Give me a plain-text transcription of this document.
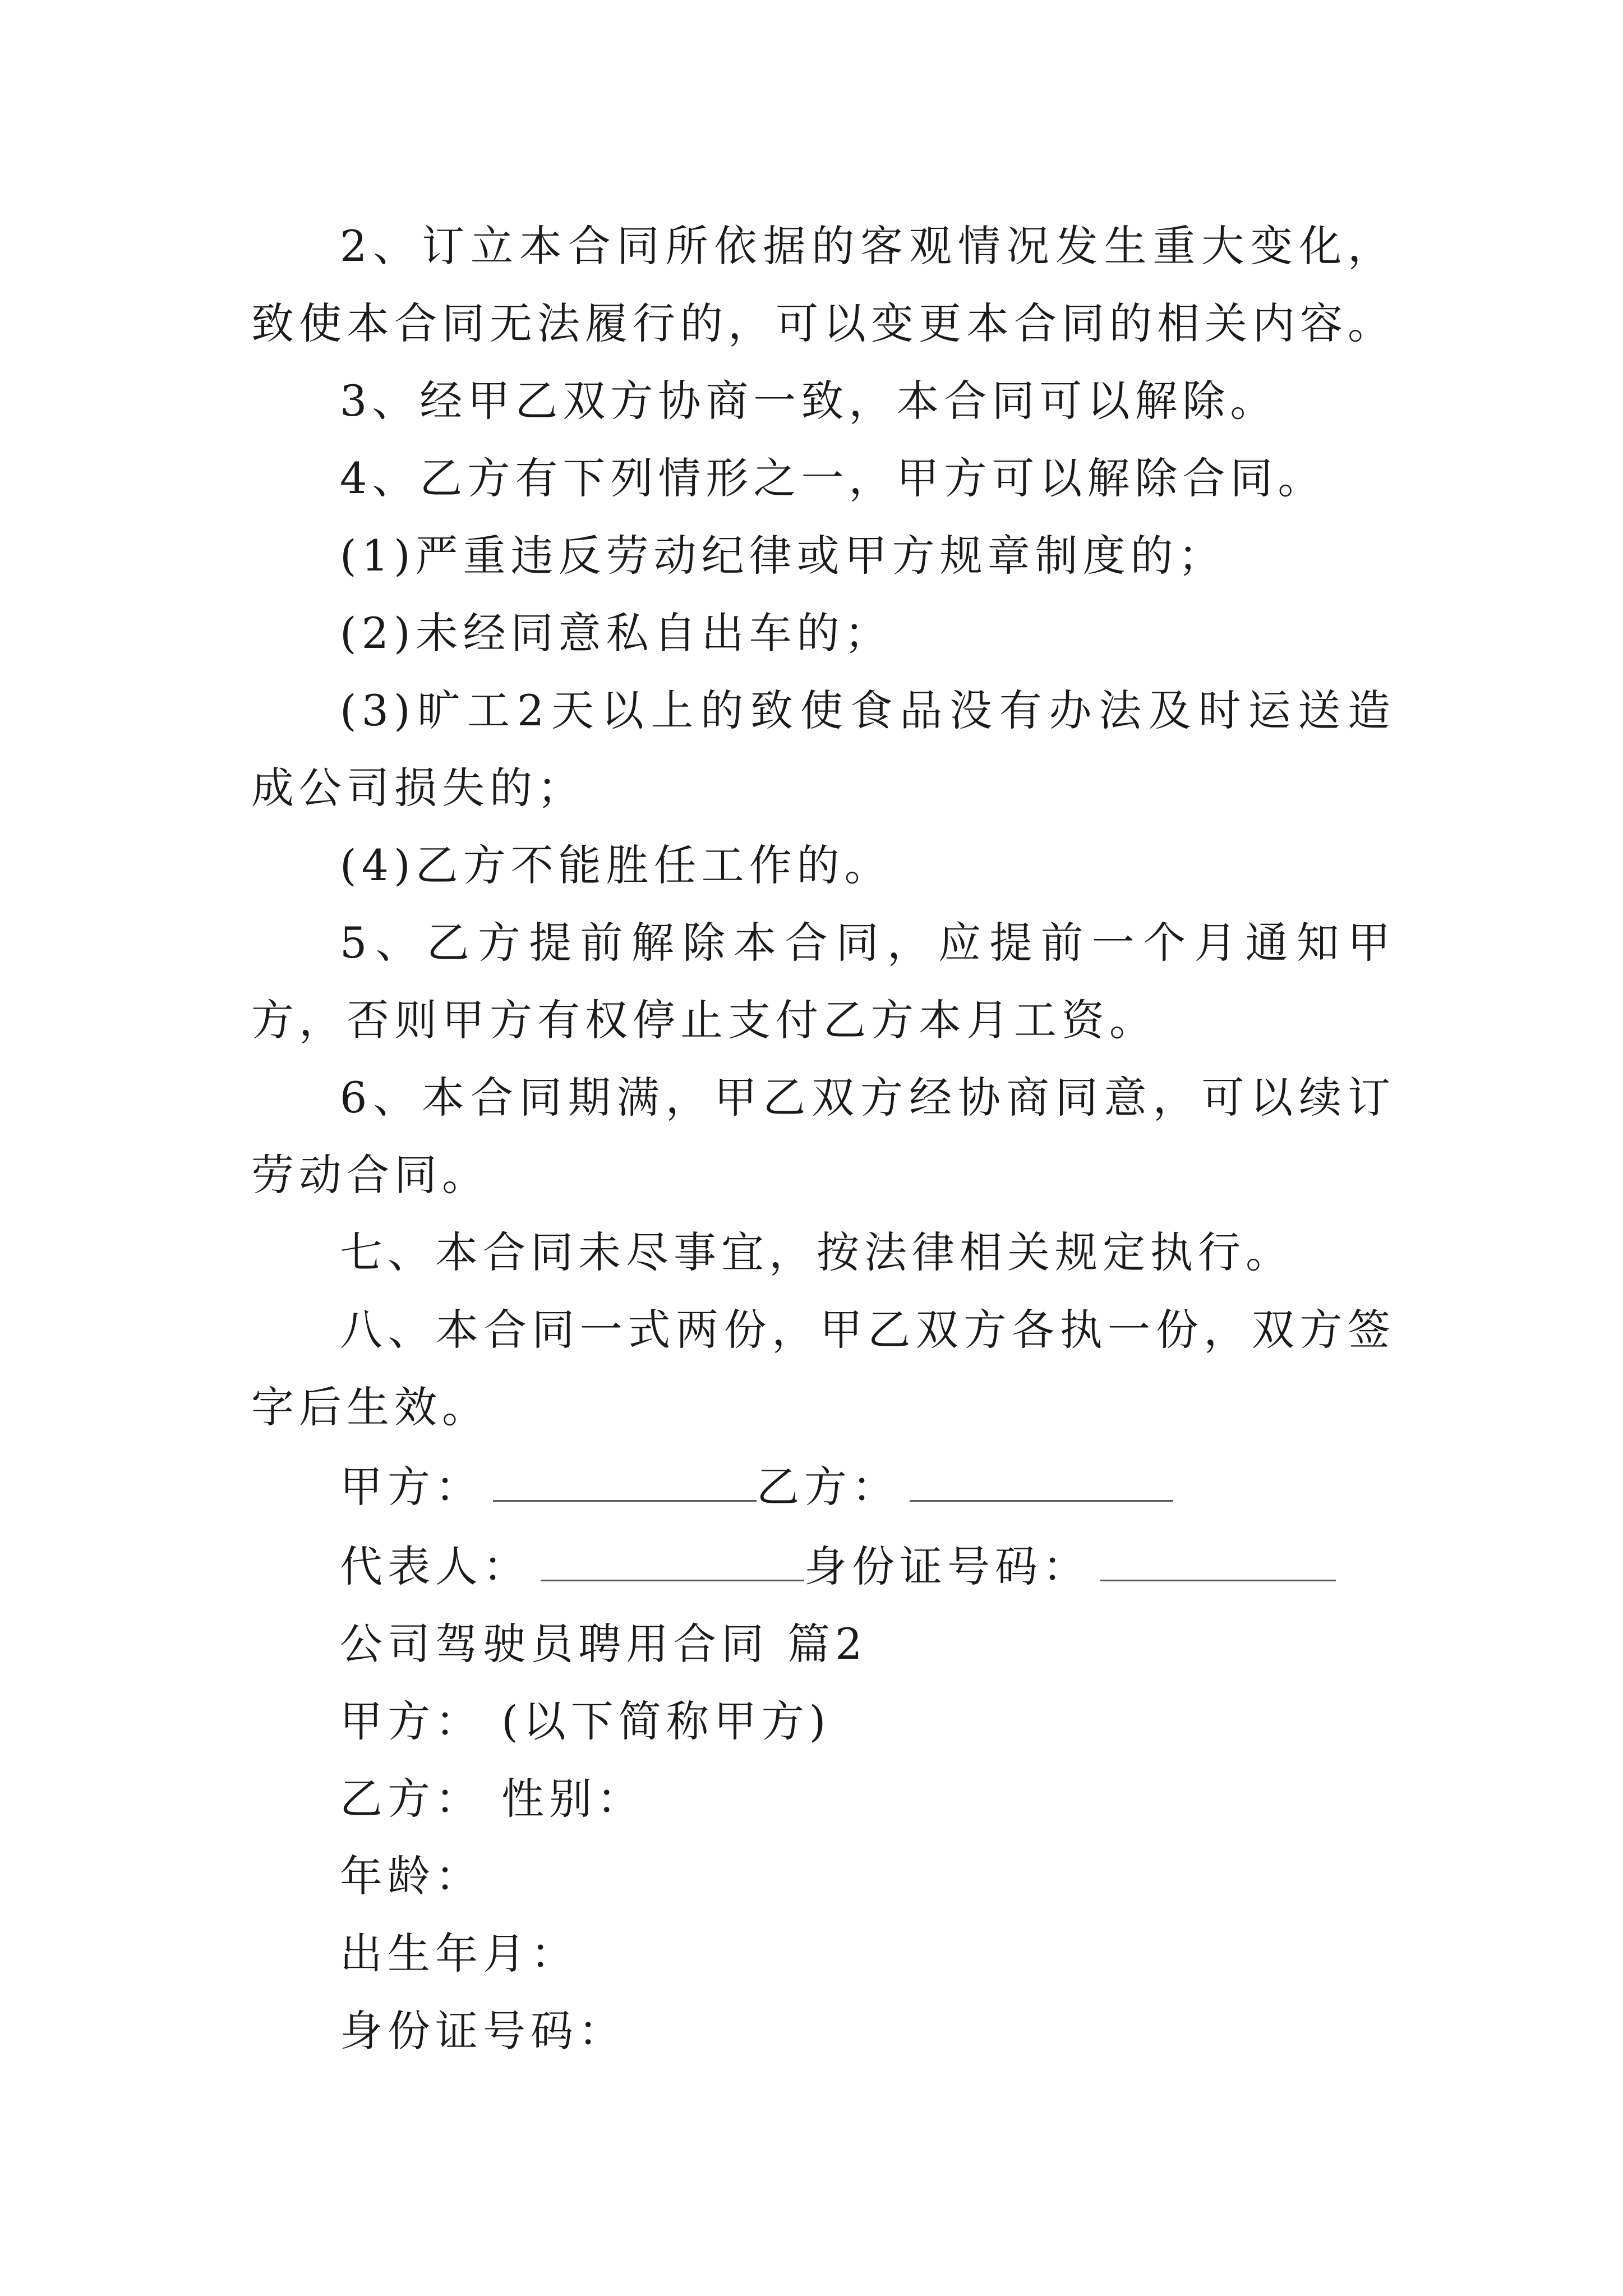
2、订立本合同所依据的客观情况发生重大变化，致使本合同无法履行的，可以变更本合同的相关内容。

3、经甲乙双方协商一致，本合同可以解除。

4、乙方有下列情形之一，甲方可以解除合同。

(1)严重违反劳动纪律或甲方规章制度的；

(2)未经同意私自出车的；

(3)旷工2天以上的致使食品没有办法及时运送造成公司损失的；

(4)乙方不能胜任工作的。

5、乙方提前解除本合同，应提前一个月通知甲方，否则甲方有权停止支付乙方本月工资。

6、本合同期满，甲乙双方经协商同意，可以续订劳动合同。

七、本合同未尽事宜，按法律相关规定执行。

八、本合同一式两份，甲乙双方各执一份，双方签字后生效。

甲方：	乙方：

代表人：	身份证号码：

公司驾驶员聘用合同 篇2

甲方： (以下简称甲方)

乙方： 性别：

年龄：

出生年月：

身份证号码：
